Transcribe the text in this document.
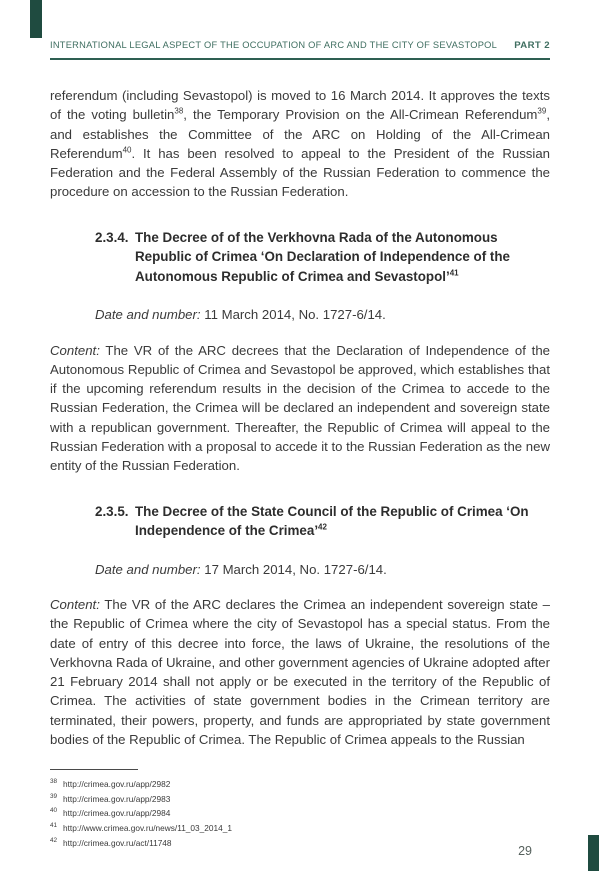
INTERNATIONAL LEGAL ASPECT OF THE OCCUPATION OF ARC AND THE CITY OF SEVASTOPOL PART 2

referendum (including Sevastopol) is moved to 16 March 2014. It approves the texts of the voting bulletin$^{38}$, the Temporary Provision on the All-Crimean Referendum$^{39}$, and establishes the Committee of the ARC on Holding of the All-Crimean Referendum$^{40}$. It has been resolved to appeal to the President of the Russian Federation and the Federal Assembly of the Russian Federation to commence the procedure on accession to the Russian Federation.

2.3.4. The Decree of of the Verkhovna Rada of the Autonomous Republic of Crimea ‘On Declaration of Independence of the Autonomous Republic of Crimea and Sevastopol’$^{41}$

Date and number: 11 March 2014, No. 1727-6/14.

Content: The VR of the ARC decrees that the Declaration of Independence of the Autonomous Republic of Crimea and Sevastopol be approved, which establishes that if the upcoming referendum results in the decision of the Crimea to accede to the Russian Federation, the Crimea will be declared an independent and sovereign state with a republican government. Thereafter, the Republic of Crimea will appeal to the Russian Federation with a proposal to accede it to the Russian Federation as the new entity of the Russian Federation.

2.3.5. The Decree of the State Council of the Republic of Crimea ‘On Independence of the Crimea’$^{42}$

Date and number: 17 March 2014, No. 1727-6/14.

Content: The VR of the ARC declares the Crimea an independent sovereign state – the Republic of Crimea where the city of Sevastopol has a special status. From the date of entry of this decree into force, the laws of Ukraine, the resolutions of the Verkhovna Rada of Ukraine, and other government agencies of Ukraine adopted after 21 February 2014 shall not apply or be executed in the territory of the Republic of Crimea. The activities of state government bodies in the Crimean territory are terminated, their powers, property, and funds are appropriated by state government bodies of the Republic of Crimea. The Republic of Crimea appeals to the Russian

38 http://crimea.gov.ru/app/2982
39 http://crimea.gov.ru/app/2983
40 http://crimea.gov.ru/app/2984
41 http://www.crimea.gov.ru/news/11_03_2014_1
42 http://crimea.gov.ru/act/11748
29
